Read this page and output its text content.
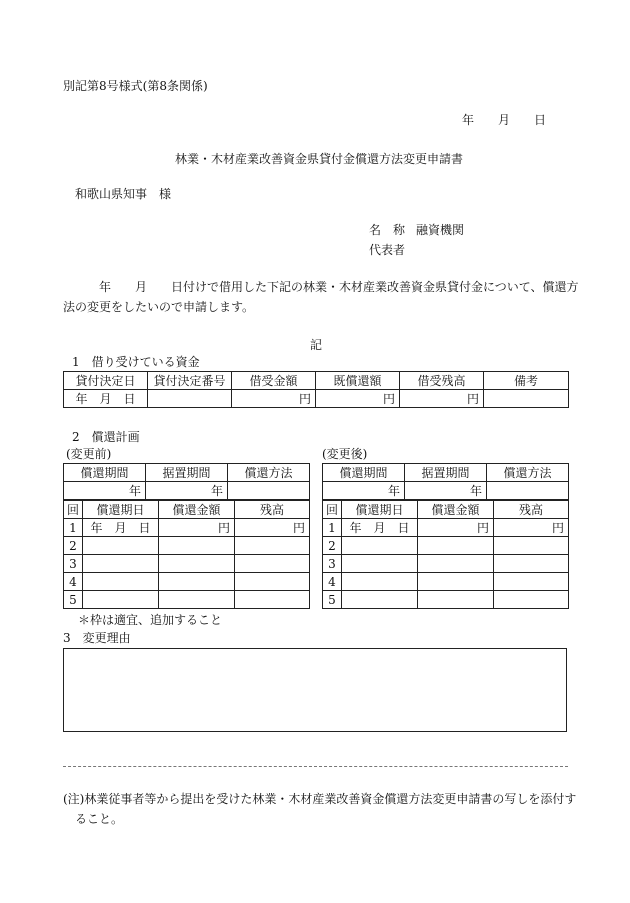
別記第8号様式(第8条関係)
年 月 日
林業・木材産業改善資金県貸付金償還方法変更申請書
和歌山県知事　様
名　称 融資機関
代表者
年 月 日付けで借用した下記の林業・木材産業改善資金県貸付金について、償還方
法の変更をしたいので申請します。
記
1　借り受けている資金
貸付決定日	貸付決定番号	借受金額	既償還額	借受残高	備考
年　月　日		円	円	円	
2　償還計画
(変更前)	(変更後)
償還期間	据置期間	償還方法
年	年	
回	償還期日	償還金額	残高
1	年　月　日	円	円
2			
3			
4			
5			
償還期間	据置期間	償還方法
年	年	
回	償還期日	償還金額	残高
1	年　月　日	円	円
2			
3			
4			
5			
＊枠は適宜、追加すること
3　変更理由
(注)林業従事者等から提出を受けた林業・木材産業改善資金償還方法変更申請書の写しを添付す
ること。
